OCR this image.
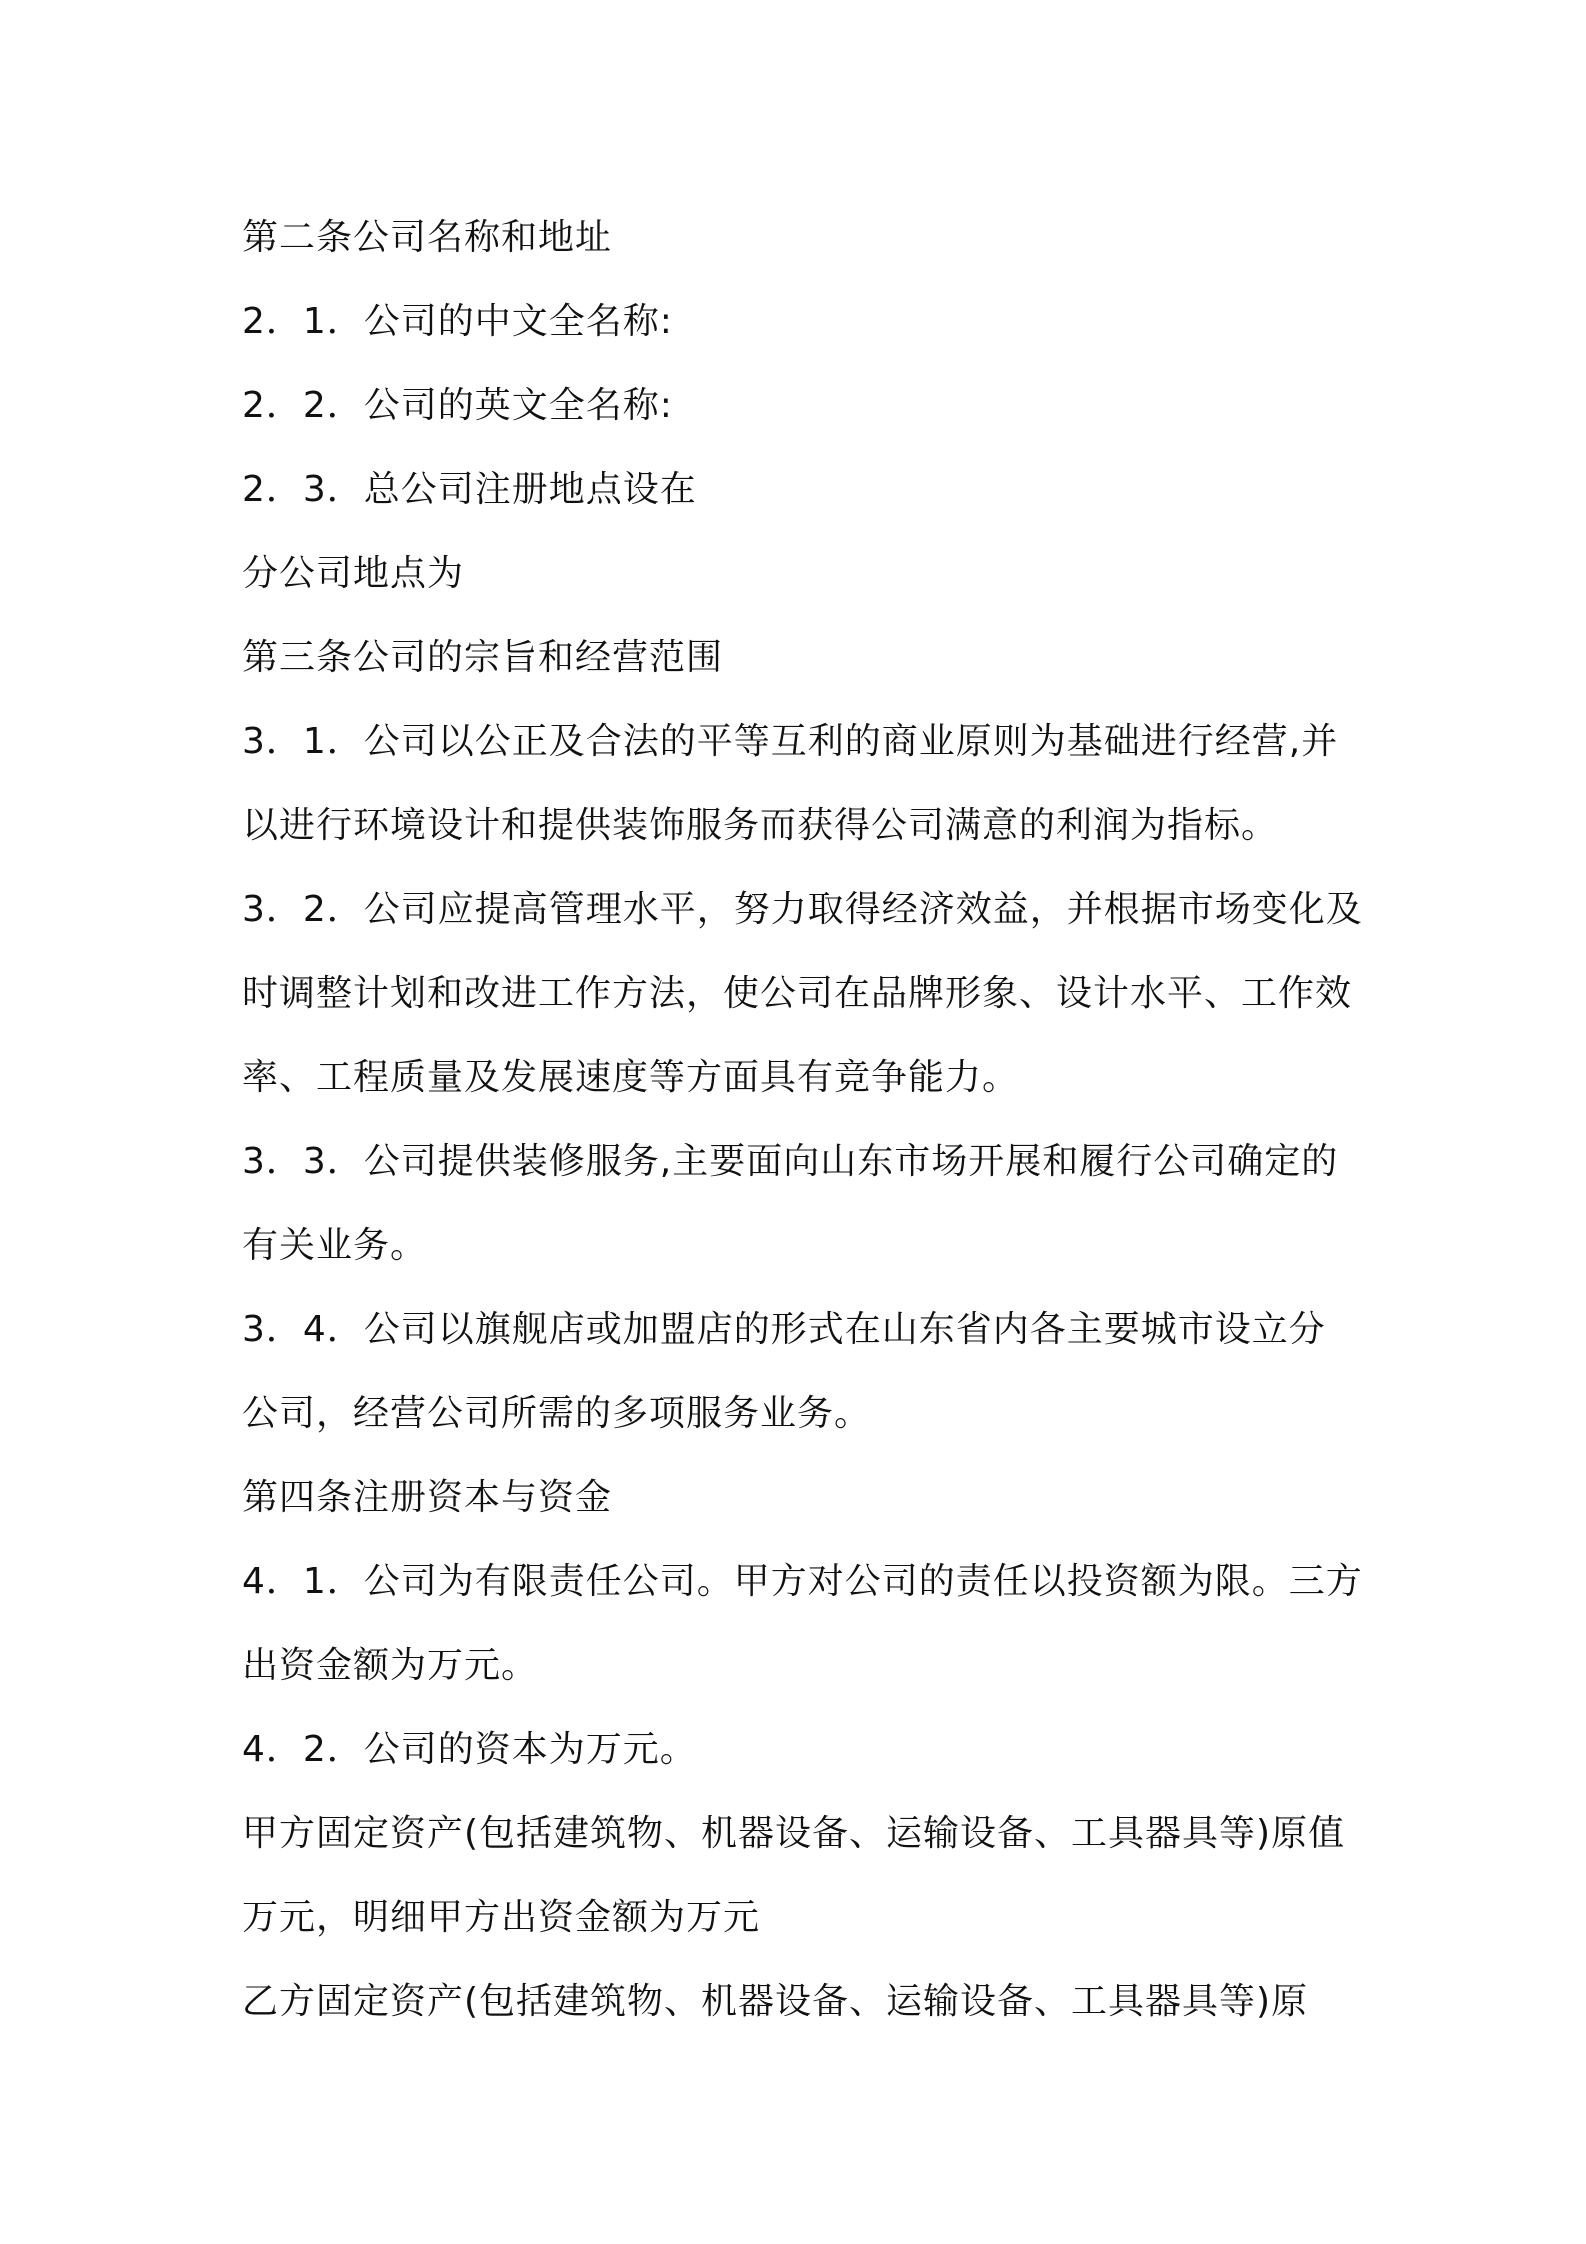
第二条公司名称和地址
2．1．公司的中文全名称:
2．2．公司的英文全名称:
2．3．总公司注册地点设在
分公司地点为
第三条公司的宗旨和经营范围
3．1．公司以公正及合法的平等互利的商业原则为基础进行经营,并
以进行环境设计和提供装饰服务而获得公司满意的利润为指标。
3．2．公司应提高管理水平，努力取得经济效益，并根据市场变化及
时调整计划和改进工作方法，使公司在品牌形象、设计水平、工作效
率、工程质量及发展速度等方面具有竞争能力。
3．3．公司提供装修服务,主要面向山东市场开展和履行公司确定的
有关业务。
3．4．公司以旗舰店或加盟店的形式在山东省内各主要城市设立分
公司，经营公司所需的多项服务业务。
第四条注册资本与资金
4．1．公司为有限责任公司。甲方对公司的责任以投资额为限。三方
出资金额为万元。
4．2．公司的资本为万元。
甲方固定资产(包括建筑物、机器设备、运输设备、工具器具等)原值
万元，明细甲方出资金额为万元
乙方固定资产(包括建筑物、机器设备、运输设备、工具器具等)原
